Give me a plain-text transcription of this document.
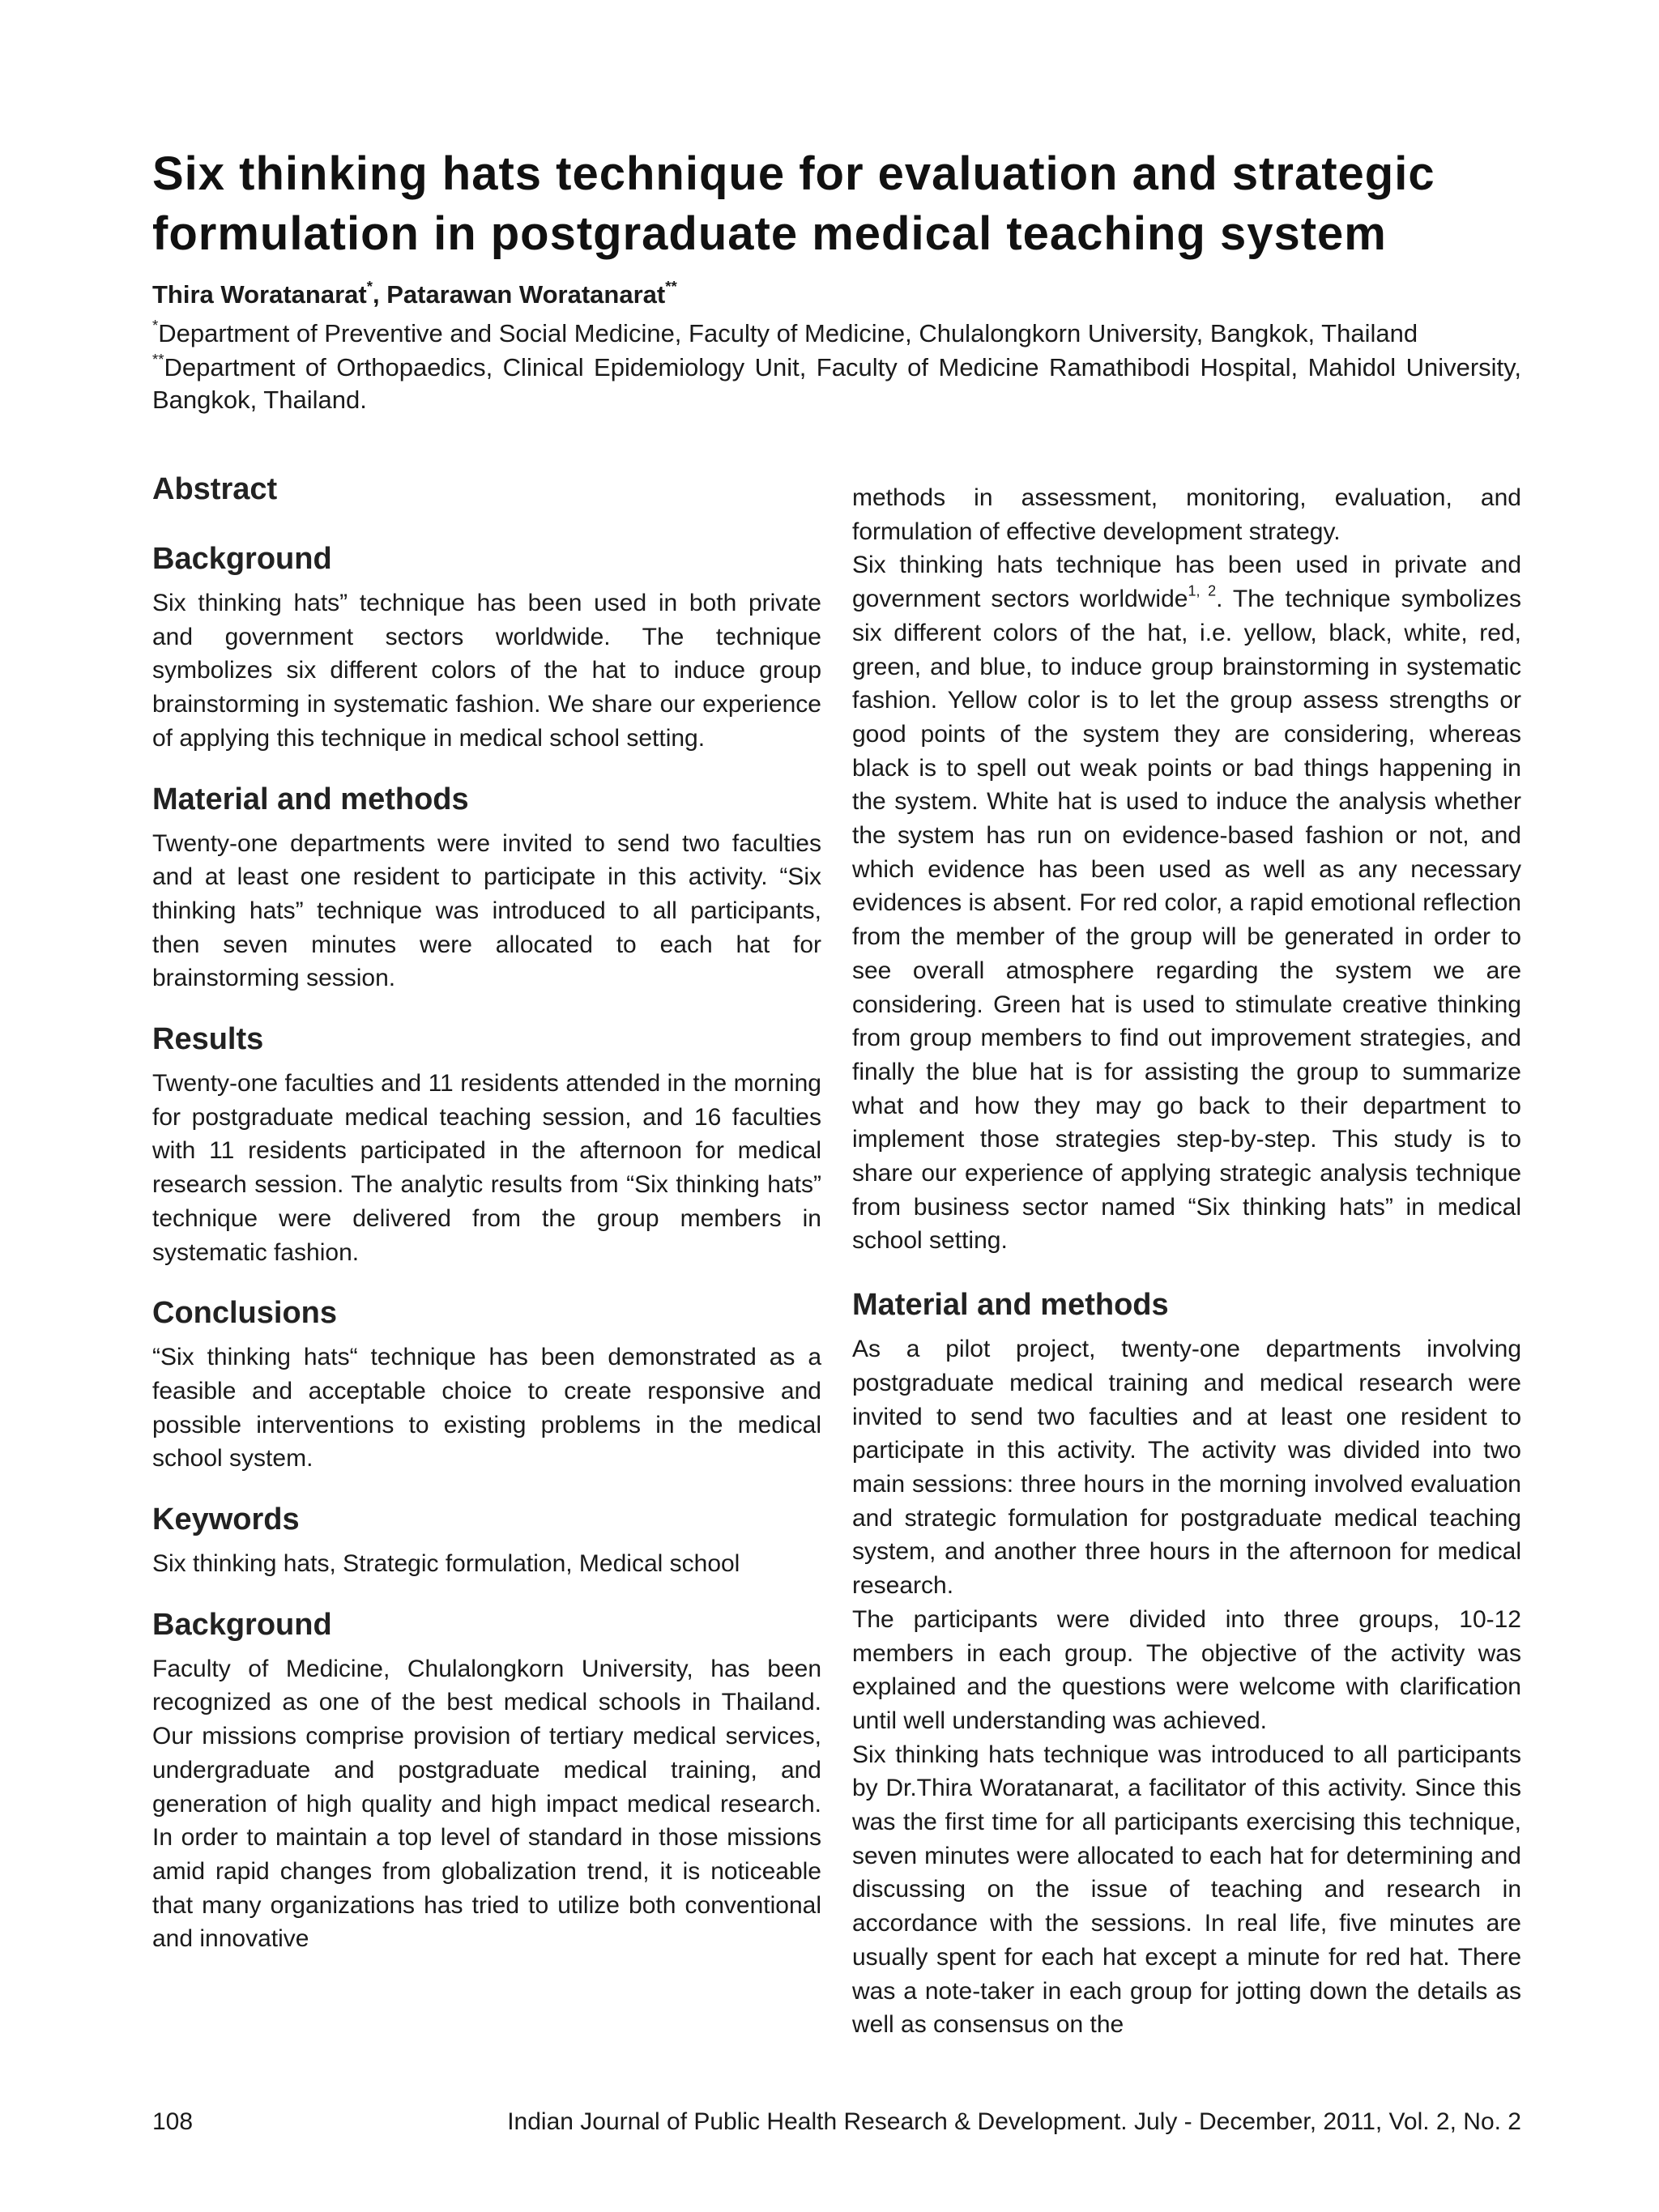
Six thinking hats technique for evaluation and strategic formulation in postgraduate medical teaching system

Thira Woratanarat*, Patarawan Woratanarat**

*Department of Preventive and Social Medicine, Faculty of Medicine, Chulalongkorn University, Bangkok, Thailand

**Department of Orthopaedics, Clinical Epidemiology Unit, Faculty of Medicine Ramathibodi Hospital, Mahidol University, Bangkok, Thailand.

Abstract
Background

Six thinking hats” technique has been used in both private and government sectors worldwide. The technique symbolizes six different colors of the hat to induce group brainstorming in systematic fashion. We share our experience of applying this technique in medical school setting.

Material and methods

Twenty-one departments were invited to send two faculties and at least one resident to participate in this activity. “Six thinking hats” technique was introduced to all participants, then seven minutes were allocated to each hat for brainstorming session.

Results

Twenty-one faculties and 11 residents attended in the morning for postgraduate medical teaching session, and 16 faculties with 11 residents participated in the afternoon for medical research session. The analytic results from “Six thinking hats” technique were delivered from the group members in systematic fashion.

Conclusions

“Six thinking hats“ technique has been demonstrated as a feasible and acceptable choice to create responsive and possible interventions to existing problems in the medical school system.

Keywords

Six thinking hats, Strategic formulation, Medical school

Background

Faculty of Medicine, Chulalongkorn University, has been recognized as one of the best medical schools in Thailand. Our missions comprise provision of tertiary medical services, undergraduate and postgraduate medical training, and generation of high quality and high impact medical research. In order to maintain a top level of standard in those missions amid rapid changes from globalization trend, it is noticeable that many organizations has tried to utilize both conventional and innovative

methods in assessment, monitoring, evaluation, and formulation of effective development strategy.

Six thinking hats technique has been used in private and government sectors worldwide$^{1, 2}$. The technique symbolizes six different colors of the hat, i.e. yellow, black, white, red, green, and blue, to induce group brainstorming in systematic fashion. Yellow color is to let the group assess strengths or good points of the system they are considering, whereas black is to spell out weak points or bad things happening in the system. White hat is used to induce the analysis whether the system has run on evidence-based fashion or not, and which evidence has been used as well as any necessary evidences is absent. For red color, a rapid emotional reflection from the member of the group will be generated in order to see overall atmosphere regarding the system we are considering. Green hat is used to stimulate creative thinking from group members to find out improvement strategies, and finally the blue hat is for assisting the group to summarize what and how they may go back to their department to implement those strategies step-by-step. This study is to share our experience of applying strategic analysis technique from business sector named “Six thinking hats” in medical school setting.

Material and methods

As a pilot project, twenty-one departments involving postgraduate medical training and medical research were invited to send two faculties and at least one resident to participate in this activity. The activity was divided into two main sessions: three hours in the morning involved evaluation and strategic formulation for postgraduate medical teaching system, and another three hours in the afternoon for medical research.

The participants were divided into three groups, 10-12 members in each group. The objective of the activity was explained and the questions were welcome with clarification until well understanding was achieved.

Six thinking hats technique was introduced to all participants by Dr.Thira Woratanarat, a facilitator of this activity. Since this was the first time for all participants exercising this technique, seven minutes were allocated to each hat for determining and discussing on the issue of teaching and research in accordance with the sessions. In real life, five minutes are usually spent for each hat except a minute for red hat. There was a note-taker in each group for jotting down the details as well as consensus on the

108	Indian Journal of Public Health Research & Development. July - December, 2011, Vol. 2, No. 2
